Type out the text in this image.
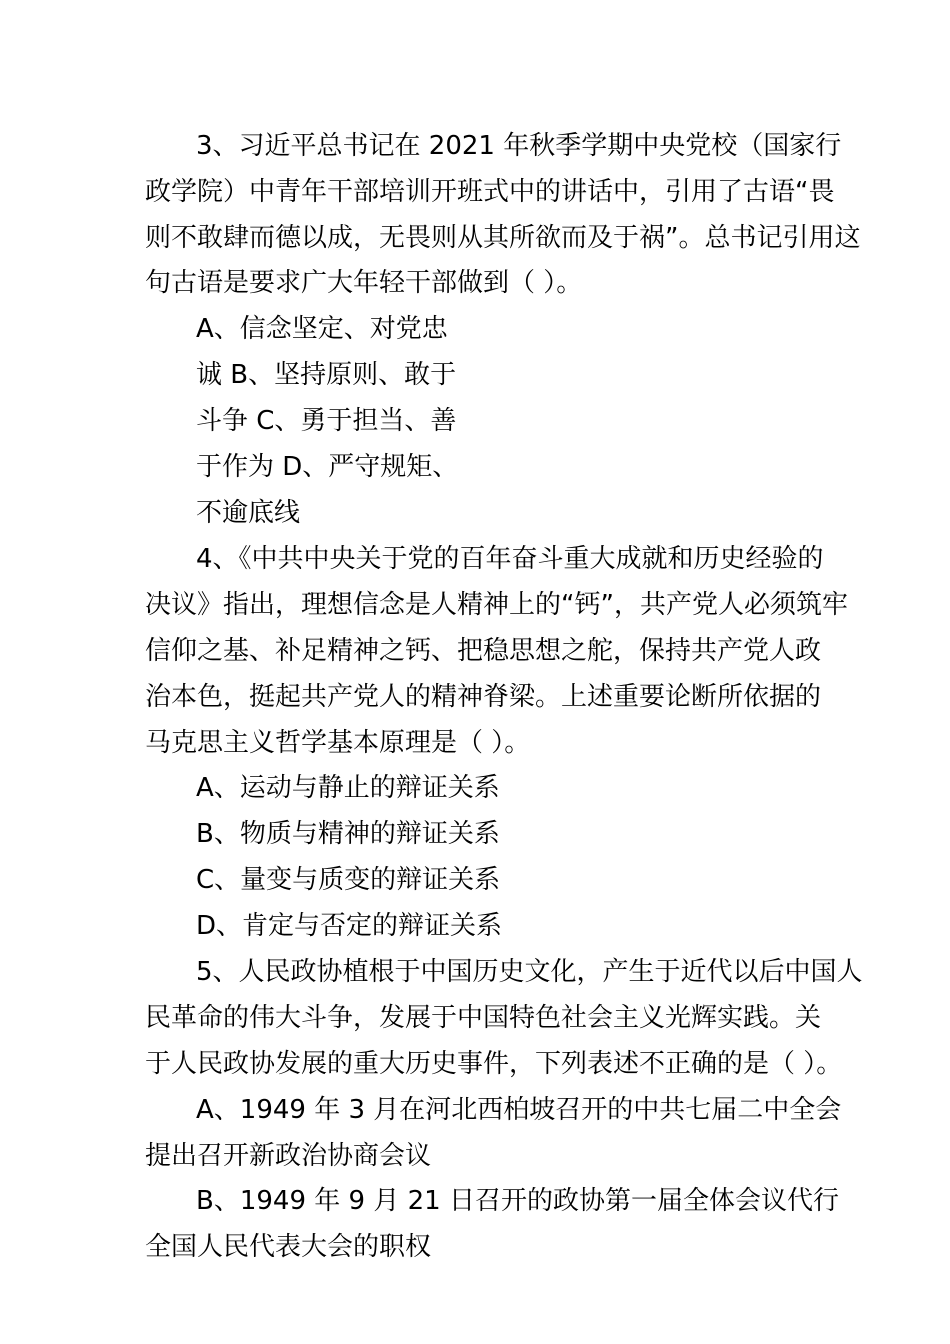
3、习近平总书记在 2021 年秋季学期中央党校（国家行
政学院）中青年干部培训开班式中的讲话中，引用了古语“畏
则不敢肆而德以成，无畏则从其所欲而及于祸”。总书记引用这
句古语是要求广大年轻干部做到（ ）。
A、信念坚定、对党忠
诚 B、坚持原则、敢于
斗争 C、勇于担当、善
于作为 D、严守规矩、
不逾底线
4、《中共中央关于党的百年奋斗重大成就和历史经验的
决议》指出，理想信念是人精神上的“钙”，共产党人必须筑牢
信仰之基、补足精神之钙、把稳思想之舵，保持共产党人政
治本色，挺起共产党人的精神脊梁。上述重要论断所依据的
马克思主义哲学基本原理是（ ）。
A、运动与静止的辩证关系
B、物质与精神的辩证关系
C、量变与质变的辩证关系
D、肯定与否定的辩证关系
5、人民政协植根于中国历史文化，产生于近代以后中国人
民革命的伟大斗争，发展于中国特色社会主义光辉实践。关
于人民政协发展的重大历史事件，下列表述不正确的是（ ）。
A、1949 年 3 月在河北西柏坡召开的中共七届二中全会
提出召开新政治协商会议
B、1949 年 9 月 21 日召开的政协第一届全体会议代行
全国人民代表大会的职权
